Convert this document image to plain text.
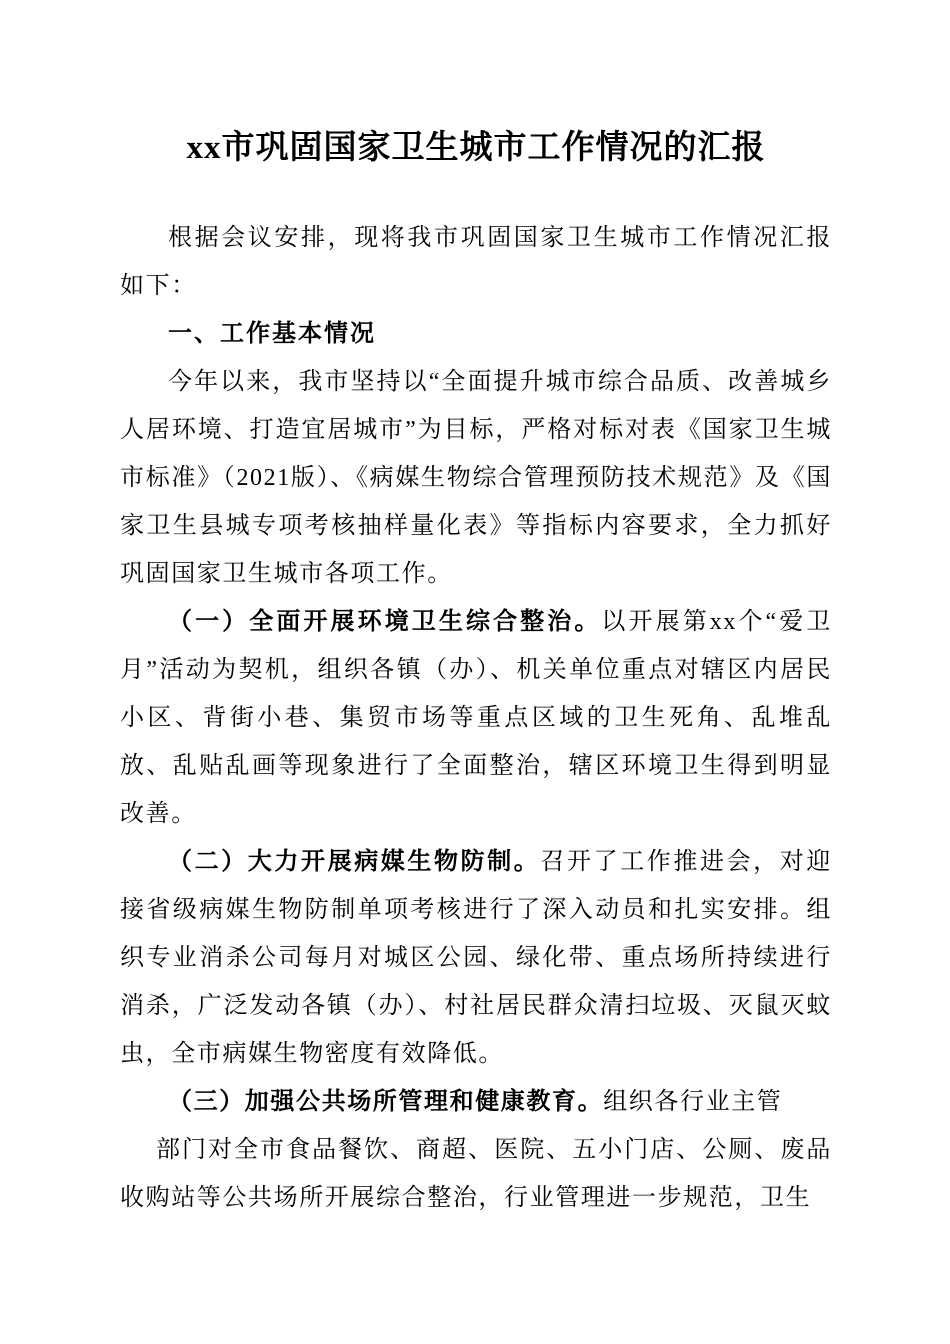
xx市巩固国家卫生城市工作情况的汇报

根据会议安排，现将我市巩固国家卫生城市工作情况汇报如下：

一、工作基本情况

今年以来，我市坚持以“全面提升城市综合品质、改善城乡人居环境、打造宜居城市”为目标，严格对标对表《国家卫生城市标准》（2021版）、《病媒生物综合管理预防技术规范》及《国家卫生县城专项考核抽样量化表》等指标内容要求，全力抓好巩固国家卫生城市各项工作。

（一）全面开展环境卫生综合整治。以开展第xx个“爱卫月”活动为契机，组织各镇（办）、机关单位重点对辖区内居民小区、背街小巷、集贸市场等重点区域的卫生死角、乱堆乱放、乱贴乱画等现象进行了全面整治，辖区环境卫生得到明显改善。

（二）大力开展病媒生物防制。召开了工作推进会，对迎接省级病媒生物防制单项考核进行了深入动员和扎实安排。组织专业消杀公司每月对城区公园、绿化带、重点场所持续进行消杀，广泛发动各镇（办）、村社居民群众清扫垃圾、灭鼠灭蚊虫，全市病媒生物密度有效降低。

（三）加强公共场所管理和健康教育。组织各行业主管

部门对全市食品餐饮、商超、医院、五小门店、公厕、废品收购站等公共场所开展综合整治，行业管理进一步规范，卫生
